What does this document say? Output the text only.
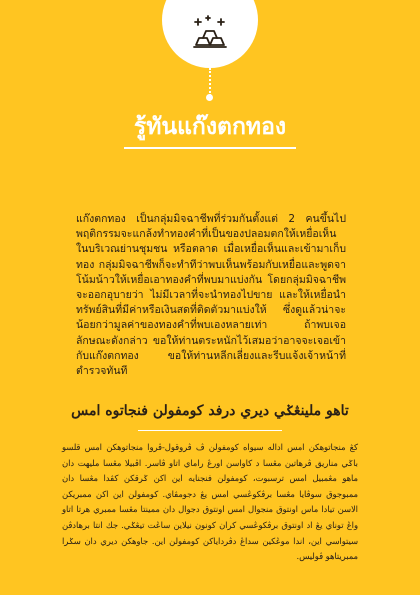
รู้ทันแก๊งตกทอง

แก๊งตกทอง เป็นกลุ่มมิจฉาชีพที่ร่วมกันตั้งแต่ 2 คนขึ้นไป พฤติกรรมจะแกล้งทำทองคำที่เป็นของปลอมตกให้เหยื่อเห็น ในบริเวณย่านชุมชน หรือตลาด เมื่อเหยื่อเห็นและเข้ามาเก็บทอง กลุ่มมิจฉาชีพก็จะทำทีว่าพบเห็นพร้อมกับเหยื่อและพูดจาโน้มน้าวให้เหยื่อเอาทองคำที่พบมาแบ่งกัน โดยกลุ่มมิจฉาชีพจะออกอุบายว่า ไม่มีเวลาที่จะนำทองไปขาย และให้เหยื่อนำทรัพย์สินที่มีค่าหรือเงินสดที่ติดตัวมาแบ่งให้ ซึ่งดูแล้วน่าจะน้อยกว่ามูลค่าของทองคำที่พบเองหลายเท่า ถ้าพบเจอลักษณะดังกล่าว ขอให้ท่านตระหนักไว้เสมอว่าอาจจะเจอเข้ากับแก๊งตกทอง ขอให้ท่านหลีกเลี่ยงและรีบแจ้งเจ้าหน้าที่ตำรวจทันที

تاهو ملينڠݢي ديري درفد كومفولن فنجاتوه امس

كڠ منجاتوهكن امس اداله سيواه كومفولن ڤ ڤروقول-ڤروا منجاتوهكن امس قلسو باݢي مناريق ڤرهاتين مڠسا د كاواسن اورڠ راماي اتاو ڤاسر. اڤبيلا مڠسا مليهت دان ماهو مڠمبيل امس ترسبوت، كومفولن فنجنايه اين اكن ݢرقكن كڤدا مڠسا دان ممبوجوق سوڤايا مڠسا برڤكوڠسي امس يڠ دجومڤاي. كومفولن اين اكن ممبريكن الاسن تيادا ماس اونتوق منجوال امس اونتوق دجوال دان ممينتا مڠسا ممبري هرتا اتاو واڠ توناي يڠ اد اونتوق برڤكوڠسي كران كونون نيلاين ساڠت تيڠݢي. جك انتا برهادڤن سيتواسي اين، اندا موڠكين سداڠ دڤرداياكن كومفولن اين. جاوهكن ديري دان سݢرا ممبريتاهو ڤوليس.
